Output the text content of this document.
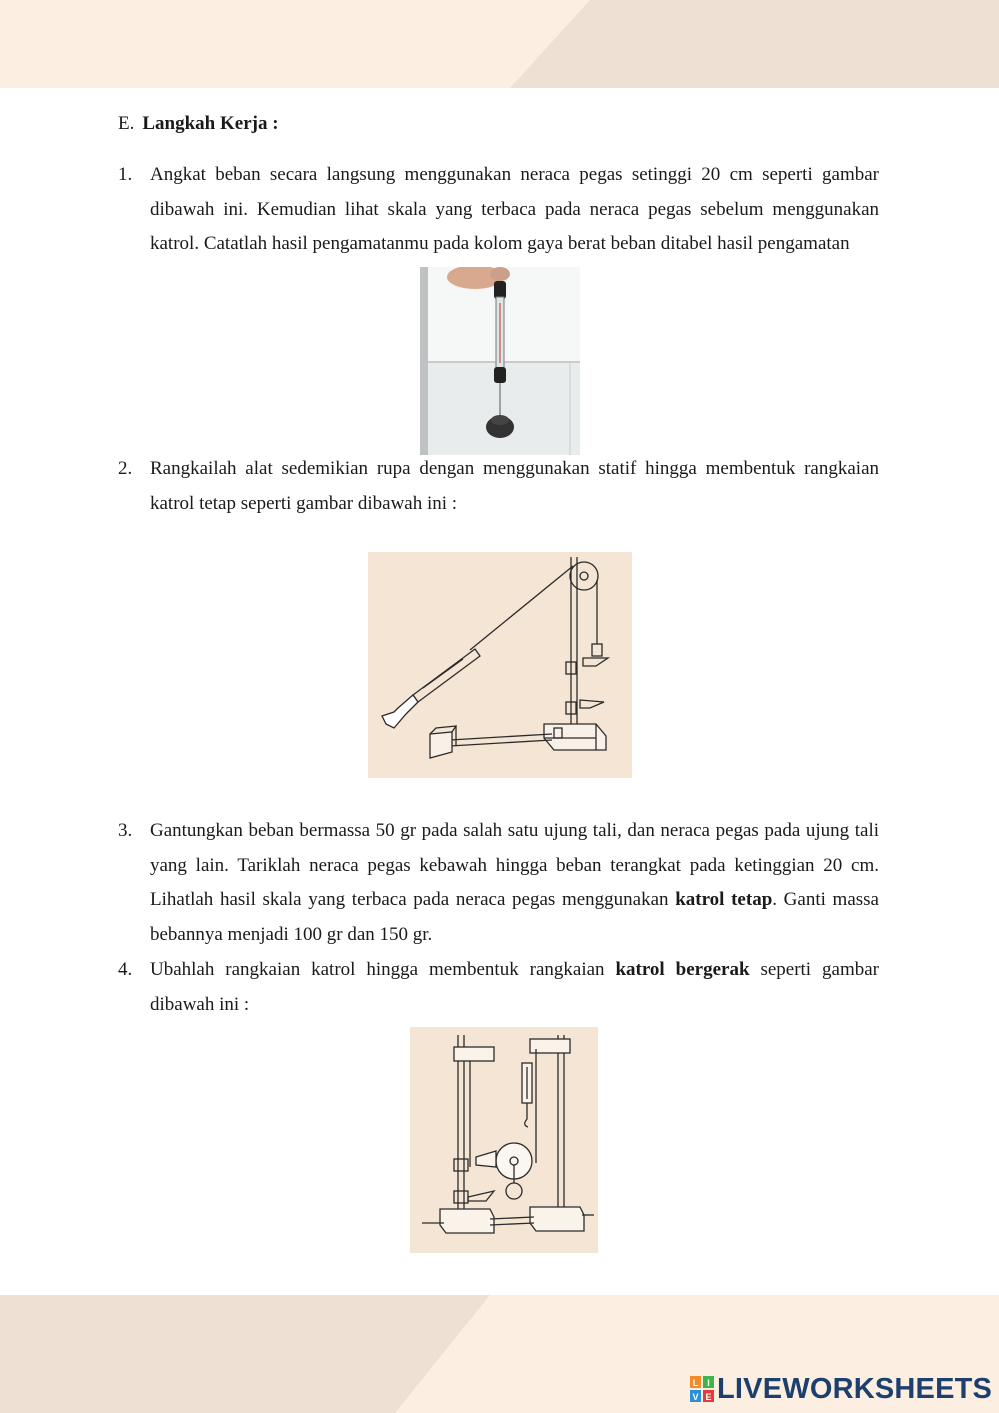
E. Langkah Kerja :
1. Angkat beban secara langsung menggunakan neraca pegas setinggi 20 cm seperti gambar dibawah ini. Kemudian lihat skala yang terbaca pada neraca pegas sebelum menggunakan katrol. Catatlah hasil pengamatanmu pada kolom gaya berat beban ditabel hasil pengamatan
2. Rangkailah alat sedemikian rupa dengan menggunakan statif hingga membentuk rangkaian katrol tetap seperti gambar dibawah ini :
3. Gantungkan beban bermassa 50 gr pada salah satu ujung tali, dan neraca pegas pada ujung tali yang lain. Tariklah neraca pegas kebawah hingga beban terangkat pada ketinggian 20 cm. Lihatlah hasil skala yang terbaca pada neraca pegas menggunakan katrol tetap. Ganti massa bebannya menjadi 100 gr dan 150 gr.
4. Ubahlah rangkaian katrol hingga membentuk rangkaian katrol bergerak seperti gambar dibawah ini :
L I
V E LIVEWORKSHEETS
